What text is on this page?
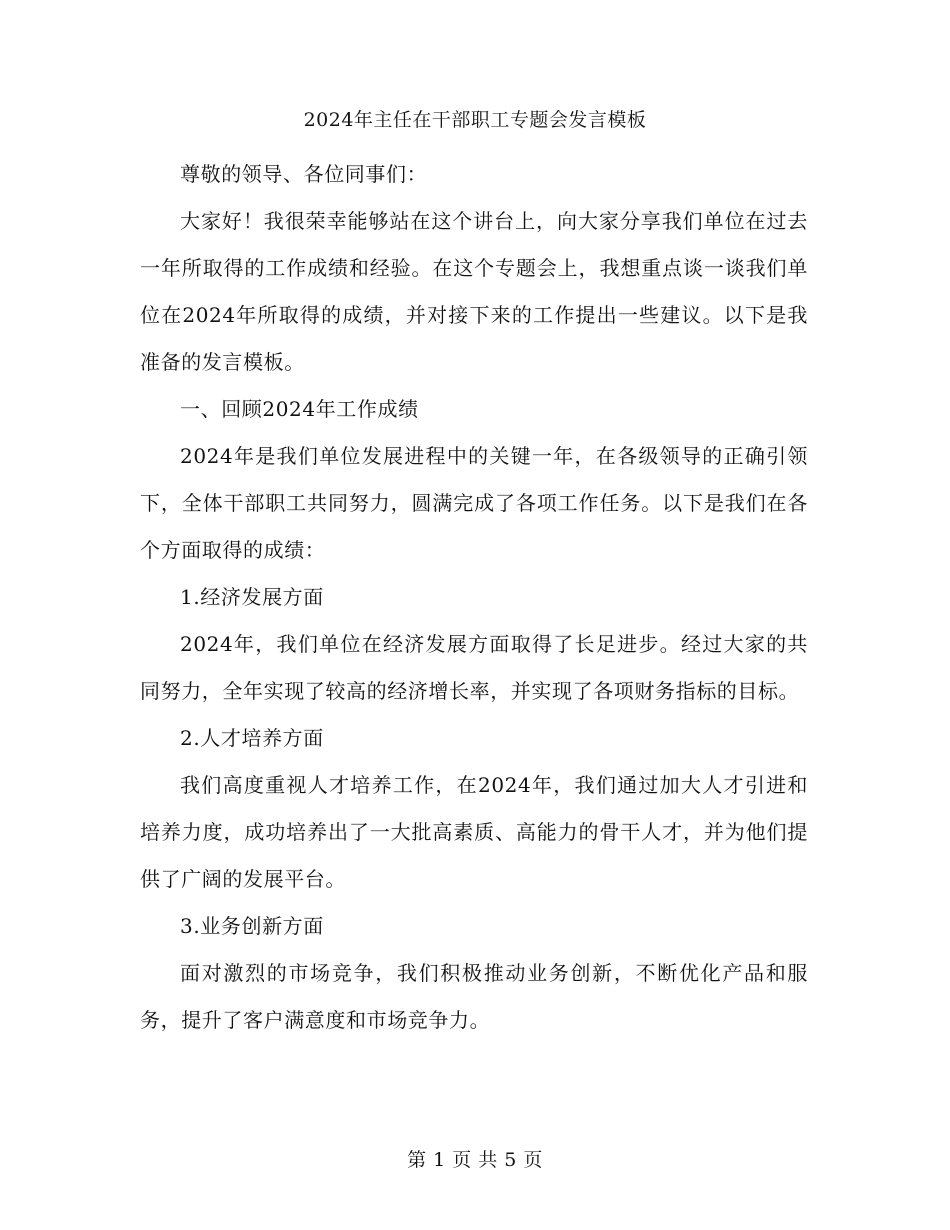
2024年主任在干部职工专题会发言模板

尊敬的领导、各位同事们：

大家好！我很荣幸能够站在这个讲台上，向大家分享我们单位在过去一年所取得的工作成绩和经验。在这个专题会上，我想重点谈一谈我们单位在2024年所取得的成绩，并对接下来的工作提出一些建议。以下是我准备的发言模板。

一、回顾2024年工作成绩

2024年是我们单位发展进程中的关键一年，在各级领导的正确引领下，全体干部职工共同努力，圆满完成了各项工作任务。以下是我们在各个方面取得的成绩：

1.经济发展方面

2024年，我们单位在经济发展方面取得了长足进步。经过大家的共同努力，全年实现了较高的经济增长率，并实现了各项财务指标的目标。

2.人才培养方面

我们高度重视人才培养工作，在2024年，我们通过加大人才引进和培养力度，成功培养出了一大批高素质、高能力的骨干人才，并为他们提供了广阔的发展平台。

3.业务创新方面

面对激烈的市场竞争，我们积极推动业务创新，不断优化产品和服务，提升了客户满意度和市场竞争力。

第 1 页 共 5 页
